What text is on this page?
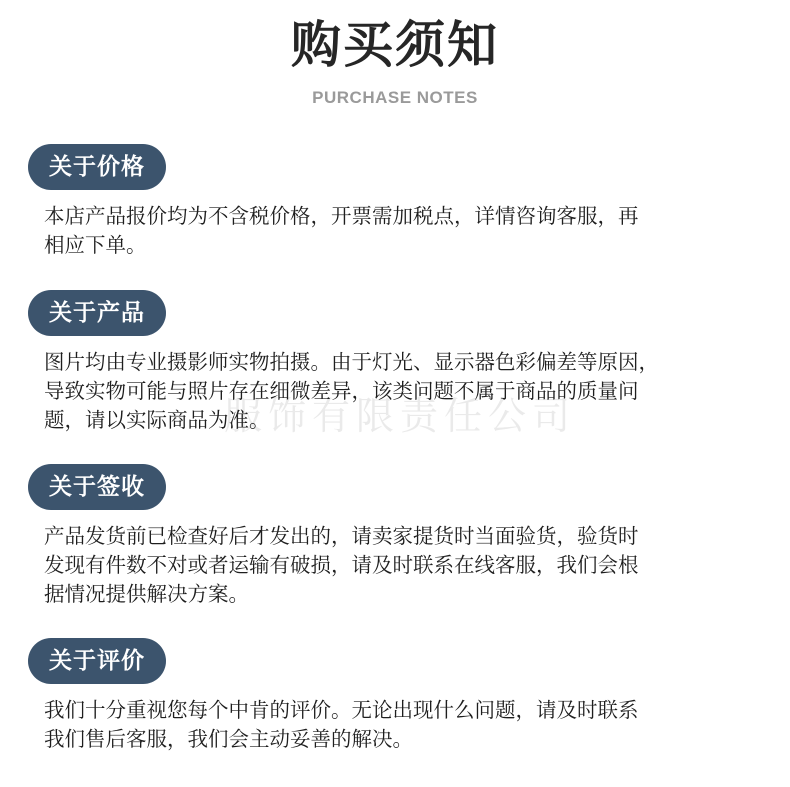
购买须知
PURCHASE NOTES
服饰有限责任公司
关于价格
本店产品报价均为不含税价格，开票需加税点，详情咨询客服，再
相应下单。
关于产品
图片均由专业摄影师实物拍摄。由于灯光、显示器色彩偏差等原因，
导致实物可能与照片存在细微差异，该类问题不属于商品的质量问
题，请以实际商品为准。
关于签收
产品发货前已检查好后才发出的，请卖家提货时当面验货，验货时
发现有件数不对或者运输有破损，请及时联系在线客服，我们会根
据情况提供解决方案。
关于评价
我们十分重视您每个中肯的评价。无论出现什么问题，请及时联系
我们售后客服，我们会主动妥善的解决。
